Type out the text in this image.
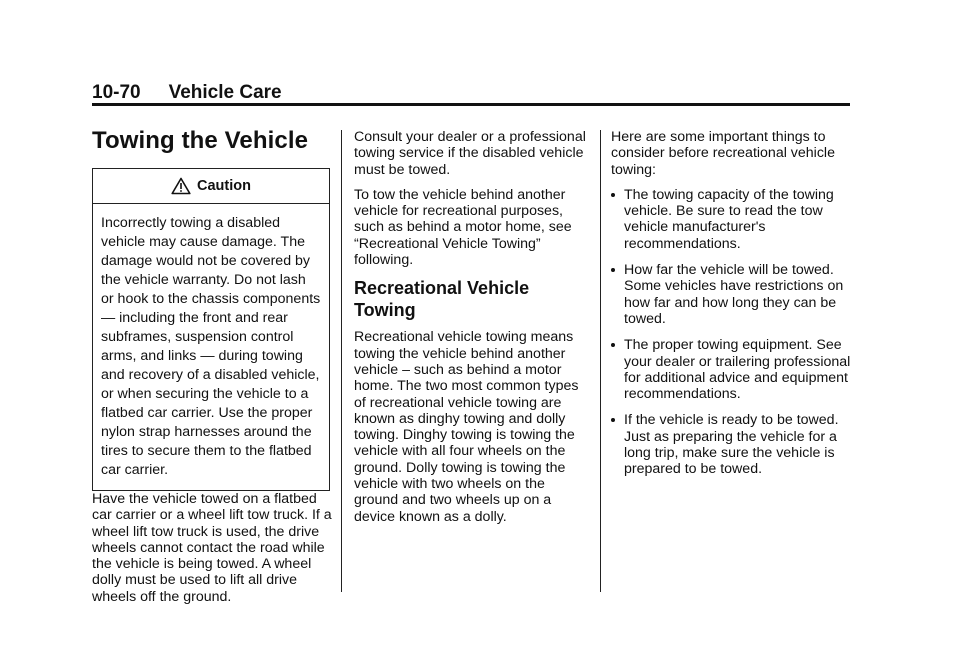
10-70 Vehicle Care
Towing the Vehicle
Caution
Incorrectly towing a disabled vehicle may cause damage. The damage would not be covered by the vehicle warranty. Do not lash or hook to the chassis components — including the front and rear subframes, suspension control arms, and links — during towing and recovery of a disabled vehicle, or when securing the vehicle to a flatbed car carrier. Use the proper nylon strap harnesses around the tires to secure them to the flatbed car carrier.

Have the vehicle towed on a flatbed car carrier or a wheel lift tow truck. If a wheel lift tow truck is used, the drive wheels cannot contact the road while the vehicle is being towed. A wheel dolly must be used to lift all drive wheels off the ground.

Consult your dealer or a professional towing service if the disabled vehicle must be towed.

To tow the vehicle behind another vehicle for recreational purposes, such as behind a motor home, see “Recreational Vehicle Towing” following.

Recreational Vehicle Towing

Recreational vehicle towing means towing the vehicle behind another vehicle – such as behind a motor home. The two most common types of recreational vehicle towing are known as dinghy towing and dolly towing. Dinghy towing is towing the vehicle with all four wheels on the ground. Dolly towing is towing the vehicle with two wheels on the ground and two wheels up on a device known as a dolly.

Here are some important things to consider before recreational vehicle towing:

The towing capacity of the towing vehicle. Be sure to read the tow vehicle manufacturer's recommendations.
How far the vehicle will be towed. Some vehicles have restrictions on how far and how long they can be towed.
The proper towing equipment. See your dealer or trailering professional for additional advice and equipment recommendations.
If the vehicle is ready to be towed. Just as preparing the vehicle for a long trip, make sure the vehicle is prepared to be towed.
